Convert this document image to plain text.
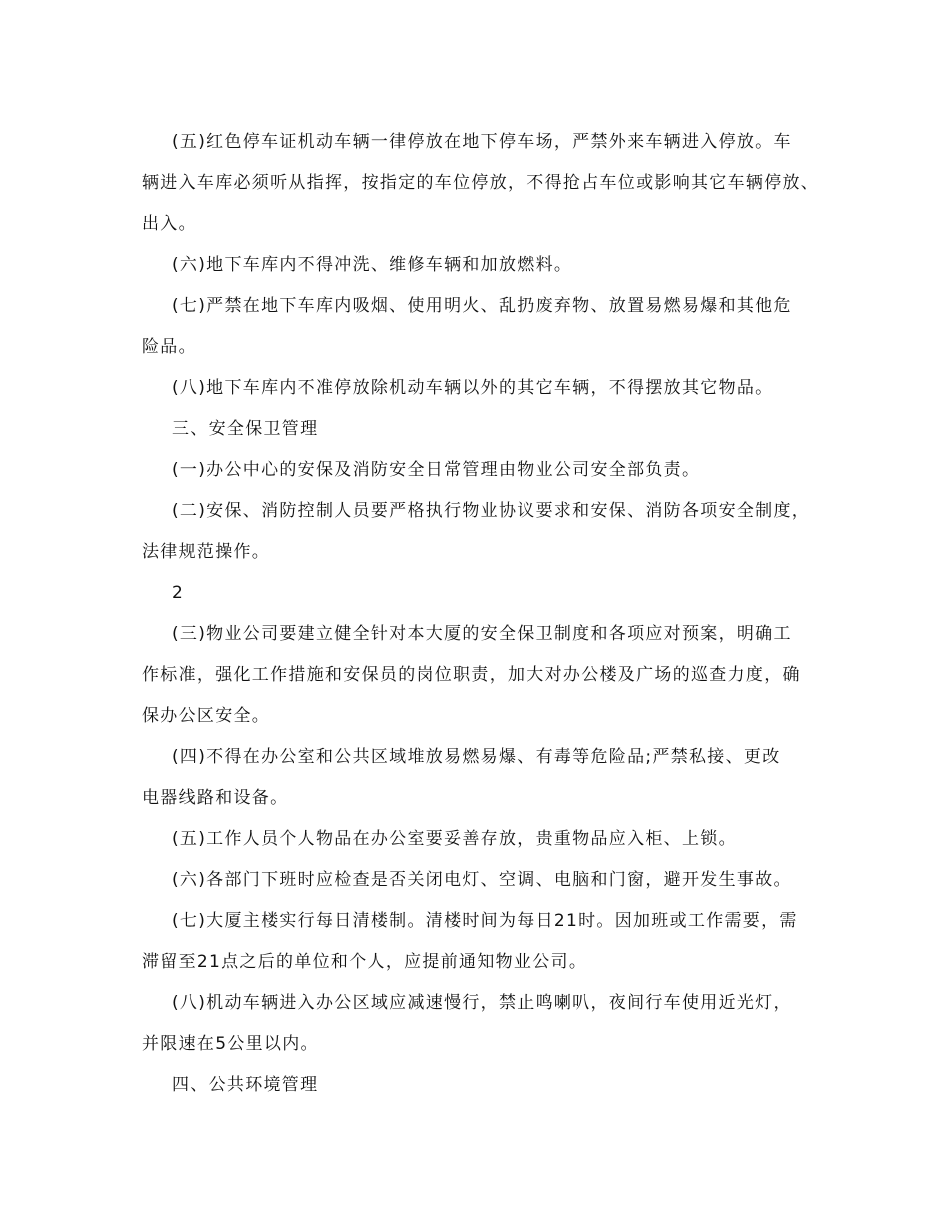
(五)红色停车证机动车辆一律停放在地下停车场，严禁外来车辆进入停放。车

辆进入车库必须听从指挥，按指定的车位停放，不得抢占车位或影响其它车辆停放、

出入。

(六)地下车库内不得冲洗、维修车辆和加放燃料。

(七)严禁在地下车库内吸烟、使用明火、乱扔废弃物、放置易燃易爆和其他危

险品。

(八)地下车库内不准停放除机动车辆以外的其它车辆，不得摆放其它物品。

三、安全保卫管理

(一)办公中心的安保及消防安全日常管理由物业公司安全部负责。

(二)安保、消防控制人员要严格执行物业协议要求和安保、消防各项安全制度，

法律规范操作。

2

(三)物业公司要建立健全针对本大厦的安全保卫制度和各项应对预案，明确工

作标准，强化工作措施和安保员的岗位职责，加大对办公楼及广场的巡查力度，确

保办公区安全。

(四)不得在办公室和公共区域堆放易燃易爆、有毒等危险品;严禁私接、更改

电器线路和设备。

(五)工作人员个人物品在办公室要妥善存放，贵重物品应入柜、上锁。

(六)各部门下班时应检查是否关闭电灯、空调、电脑和门窗，避开发生事故。

(七)大厦主楼实行每日清楼制。清楼时间为每日21时。因加班或工作需要，需

滞留至21点之后的单位和个人，应提前通知物业公司。

(八)机动车辆进入办公区域应减速慢行，禁止鸣喇叭，夜间行车使用近光灯，

并限速在5公里以内。

四、公共环境管理
